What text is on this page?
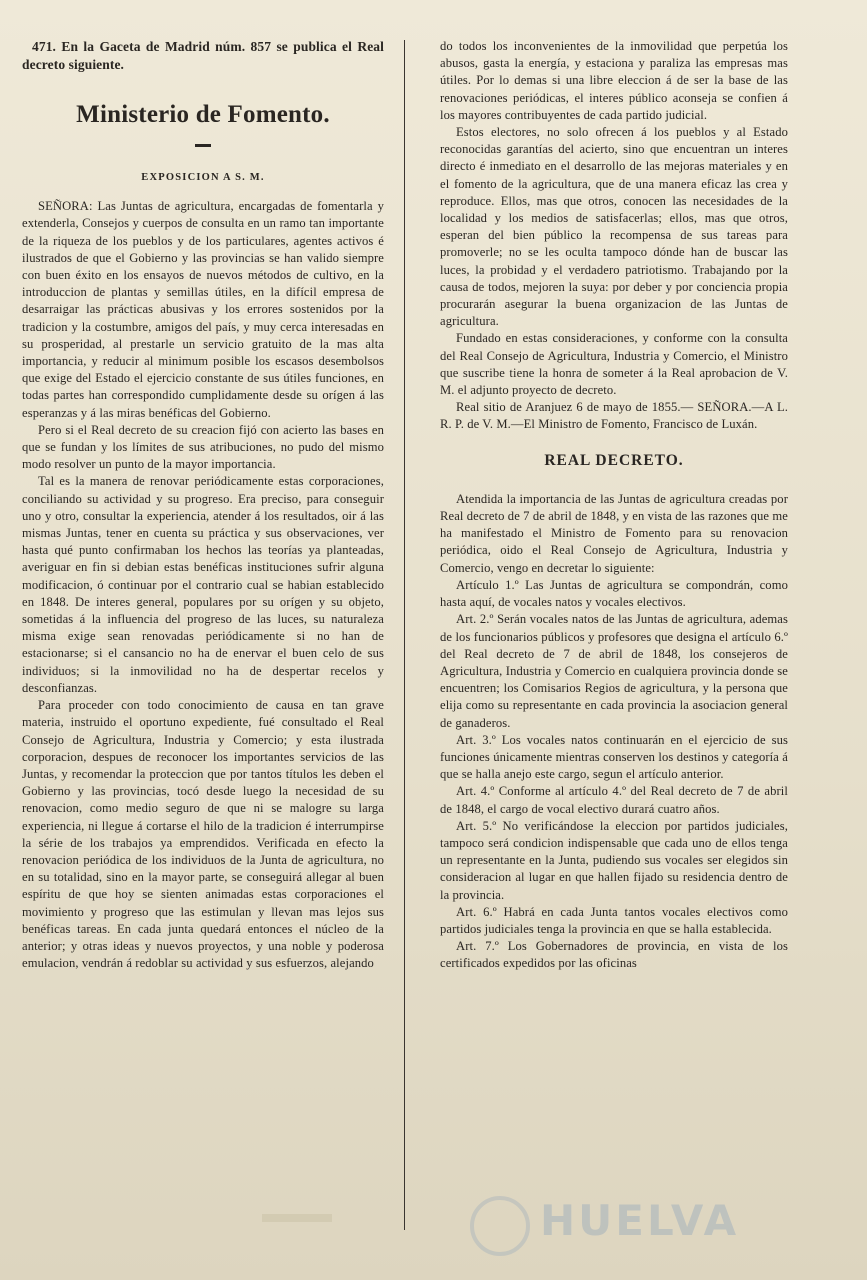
471. En la Gaceta de Madrid núm. 857 se publica el Real decreto siguiente.

Ministerio de Fomento.
EXPOSICION A S. M.

SEÑORA: Las Juntas de agricultura, encargadas de fomentarla y extenderla, Consejos y cuerpos de consulta en un ramo tan importante de la riqueza de los pueblos y de los particulares, agentes activos é ilustrados de que el Gobierno y las provincias se han valido siempre con buen éxito en los ensayos de nuevos métodos de cultivo, en la introduccion de plantas y semillas útiles, en la difícil empresa de desarraigar las prácticas abusivas y los errores sostenidos por la tradicion y la costumbre, amigos del país, y muy cerca interesadas en su prosperidad, al prestarle un servicio gratuito de la mas alta importancia, y reducir al minimum posible los escasos desembolsos que exige del Estado el ejercicio constante de sus útiles funciones, en todas partes han correspondido cumplidamente desde su orígen á las esperanzas y á las miras benéficas del Gobierno.

Pero si el Real decreto de su creacion fijó con acierto las bases en que se fundan y los límites de sus atribuciones, no pudo del mismo modo resolver un punto de la mayor importancia.

Tal es la manera de renovar periódicamente estas corporaciones, conciliando su actividad y su progreso. Era preciso, para conseguir uno y otro, consultar la experiencia, atender á los resultados, oir á las mismas Juntas, tener en cuenta su práctica y sus observaciones, ver hasta qué punto confirmaban los hechos las teorías ya planteadas, averiguar en fin si debian estas benéficas instituciones sufrir alguna modificacion, ó continuar por el contrario cual se habian establecido en 1848. De interes general, populares por su orígen y su objeto, sometidas á la influencia del progreso de las luces, su naturaleza misma exige sean renovadas periódicamente si no han de estacionarse; si el cansancio no ha de enervar el buen celo de sus individuos; si la inmovilidad no ha de despertar recelos y desconfianzas.

Para proceder con todo conocimiento de causa en tan grave materia, instruido el oportuno expediente, fué consultado el Real Consejo de Agricultura, Industria y Comercio; y esta ilustrada corporacion, despues de reconocer los importantes servicios de las Juntas, y recomendar la proteccion que por tantos títulos les deben el Gobierno y las provincias, tocó desde luego la necesidad de su renovacion, como medio seguro de que ni se malogre su larga experiencia, ni llegue á cortarse el hilo de la tradicion é interrumpirse la série de los trabajos ya emprendidos. Verificada en efecto la renovacion periódica de los individuos de la Junta de agricultura, no en su totalidad, sino en la mayor parte, se conseguirá allegar al buen espíritu de que hoy se sienten animadas estas corporaciones el movimiento y progreso que las estimulan y llevan mas lejos sus benéficas tareas. En cada junta quedará entonces el núcleo de la anterior; y otras ideas y nuevos proyectos, y una noble y poderosa emulacion, vendrán á redoblar su actividad y sus esfuerzos, alejando

do todos los inconvenientes de la inmovilidad que perpetúa los abusos, gasta la energía, y estaciona y paraliza las empresas mas útiles. Por lo demas si una libre eleccion á de ser la base de las renovaciones periódicas, el interes público aconseja se confien á los mayores contribuyentes de cada partido judicial.

Estos electores, no solo ofrecen á los pueblos y al Estado reconocidas garantías del acierto, sino que encuentran un interes directo é inmediato en el desarrollo de las mejoras materiales y en el fomento de la agricultura, que de una manera eficaz las crea y reproduce. Ellos, mas que otros, conocen las necesidades de la localidad y los medios de satisfacerlas; ellos, mas que otros, esperan del bien público la recompensa de sus tareas para promoverle; no se les oculta tampoco dónde han de buscar las luces, la probidad y el verdadero patriotismo. Trabajando por la causa de todos, mejoren la suya: por deber y por conciencia propia procurarán asegurar la buena organizacion de las Juntas de agricultura.

Fundado en estas consideraciones, y conforme con la consulta del Real Consejo de Agricultura, Industria y Comercio, el Ministro que suscribe tiene la honra de someter á la Real aprobacion de V. M. el adjunto proyecto de decreto.

Real sitio de Aranjuez 6 de mayo de 1855.— SEÑORA.—A L. R. P. de V. M.—El Ministro de Fomento, Francisco de Luxán.

REAL DECRETO.

Atendida la importancia de las Juntas de agricultura creadas por Real decreto de 7 de abril de 1848, y en vista de las razones que me ha manifestado el Ministro de Fomento para su renovacion periódica, oido el Real Consejo de Agricultura, Industria y Comercio, vengo en decretar lo siguiente:

Artículo 1.º Las Juntas de agricultura se compondrán, como hasta aquí, de vocales natos y vocales electivos.

Art. 2.º Serán vocales natos de las Juntas de agricultura, ademas de los funcionarios públicos y profesores que designa el artículo 6.º del Real decreto de 7 de abril de 1848, los consejeros de Agricultura, Industria y Comercio en cualquiera provincia donde se encuentren; los Comisarios Regios de agricultura, y la persona que elija como su representante en cada provincia la asociacion general de ganaderos.

Art. 3.º Los vocales natos continuarán en el ejercicio de sus funciones únicamente mientras conserven los destinos y categoría á que se halla anejo este cargo, segun el artículo anterior.

Art. 4.º Conforme al artículo 4.º del Real decreto de 7 de abril de 1848, el cargo de vocal electivo durará cuatro años.

Art. 5.º No verificándose la eleccion por partidos judiciales, tampoco será condicion indispensable que cada uno de ellos tenga un representante en la Junta, pudiendo sus vocales ser elegidos sin consideracion al lugar en que hallen fijado su residencia dentro de la provincia.

Art. 6.º Habrá en cada Junta tantos vocales electivos como partidos judiciales tenga la provincia en que se halla establecida.

Art. 7.º Los Gobernadores de provincia, en vista de los certificados expedidos por las oficinas

HUELVA
